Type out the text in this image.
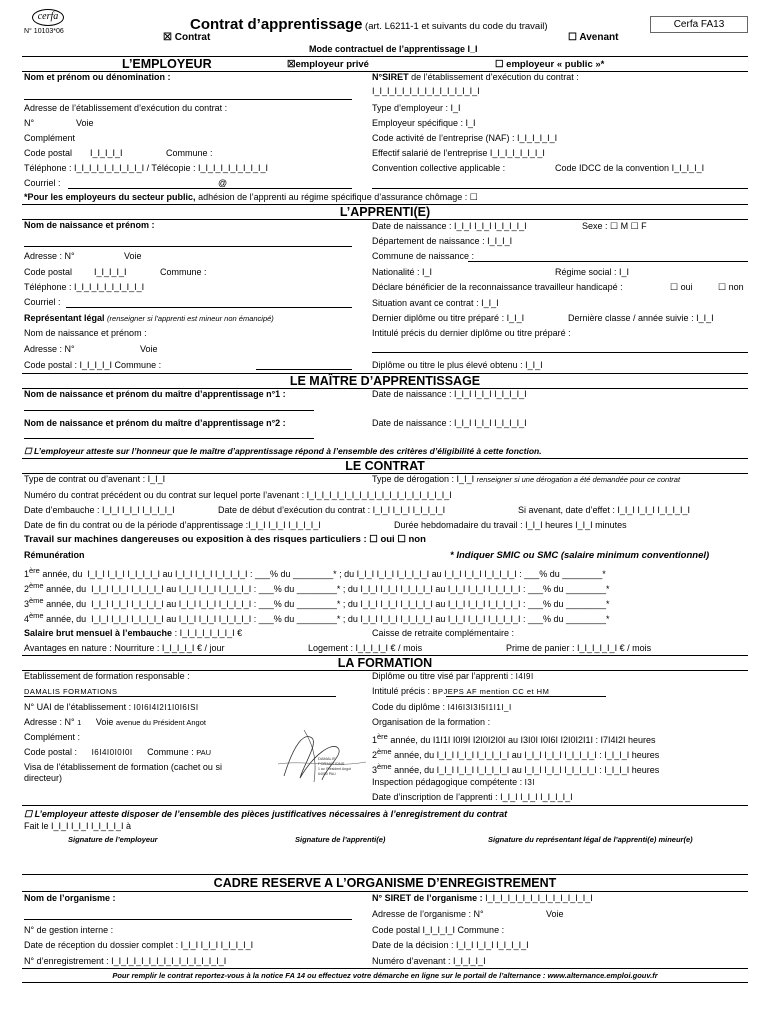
cerfa
N° 10103*06	Contrat d’apprentissage (art. L6211-1 et suivants du code du travail)	Cerfa FA13
☒ Contrat	☐ Avenant
Mode contractuel de l’apprentissage I_I
L’EMPLOYEUR	☒employeur privé	☐ employeur « public »*
Nom et prénom ou dénomination :	N°SIRET de l’établissement d’exécution du contrat :
I_I_I_I_I_I_I_I_I_I_I_I_I_I_I
Adresse de l’établissement d’exécution du contrat :	Type d’employeur : I_I
N°	Voie	Employeur spécifique : I_I
Complément	Code activité de l’entreprise (NAF) : I_I_I_I_I_I
Code postal I_I_I_I_I	Commune :	Effectif salarié de l’entreprise I_I_I_I_I_I_I_I
Téléphone : I_I_I_I_I_I_I_I_I_I / Télécopie : I_I_I_I_I_I_I_I_I_I	Convention collective applicable :	Code IDCC de la convention I_I_I_I_I
Courriel :	@
*Pour les employeurs du secteur public, adhésion de l’apprenti au régime spécifique d’assurance chômage : ☐
L’APPRENTI(E)
Nom de naissance et prénom :	Date de naissance : I_I_I I_I_I I_I_I_I_I	Sexe : ☐ M ☐ F
Département de naissance : I_I_I_I
Adresse : N°	Voie	Commune de naissance :
Code postal I_I_I_I_I	Commune :	Nationalité : I_I	Régime social : I_I
Téléphone : I_I_I_I_I_I_I_I_I_I	Déclare bénéficier de la reconnaissance travailleur handicapé :	☐ oui	☐ non
Courriel :	Situation avant ce contrat : I_I_I
Représentant légal (renseigner si l’apprenti est mineur non émancipé)	Dernier diplôme ou titre préparé : I_I_I	Dernière classe / année suivie : I_I_I
Nom de naissance et prénom :	Intitulé précis du dernier diplôme ou titre préparé :
Adresse : N°	Voie
Code postal : I_I_I_I_I Commune :	Diplôme ou titre le plus élevé obtenu : I_I_I
LE MAÎTRE D’APPRENTISSAGE
Nom de naissance et prénom du maître d’apprentissage n°1 :	Date de naissance : I_I_I I_I_I I_I_I_I_I
Nom de naissance et prénom du maître d’apprentissage n°2 :	Date de naissance : I_I_I I_I_I I_I_I_I_I
☐ L’employeur atteste sur l’honneur que le maître d’apprentissage répond à l’ensemble des critères d’éligibilité à cette fonction.
LE CONTRAT
Type de contrat ou d’avenant : I_I_I	Type de dérogation : I_I_I renseigner si une dérogation a été demandée pour ce contrat
Numéro du contrat précédent ou du contrat sur lequel porte l’avenant : I_I_I_I_I_I_I_I_I_I_I_I_I_I_I_I_I_I_I_I
Date d’embauche : I_I_I I_I_I I_I_I_I_I	Date de début d’exécution du contrat : I_I_I I_I_I I_I_I_I_I	Si avenant, date d’effet : I_I_I I_I_I I_I_I_I_I
Date de fin du contrat ou de la période d’apprentissage :I_I_I I_I_I I_I_I_I_I	Durée hebdomadaire du travail : I_I_I heures I_I_I minutes
Travail sur machines dangereuses ou exposition à des risques particuliers : ☐ oui ☐ non
Rémunération	* Indiquer SMIC ou SMC (salaire minimum conventionnel)
1ère année, du I_I_I I_I_I I_I_I_I_I au I_I_I I_I_I I_I_I_I_I : ___% du ________* ; du I_I_I I_I_I I_I_I_I_I au I_I_I I_I_I I_I_I_I_I : ___% du ________*
2ème année, du I_I_I I_I_I I_I_I_I_I au I_I_I I_I_I I_I_I_I_I : ___% du ________* ; du I_I_I I_I_I I_I_I_I_I au I_I_I I_I_I I_I_I_I_I : ___% du ________*
3ème année, du I_I_I I_I_I I_I_I_I_I au I_I_I I_I_I I_I_I_I_I : ___% du ________* ; du I_I_I I_I_I I_I_I_I_I au I_I_I I_I_I I_I_I_I_I : ___% du ________*
4ème année, du I_I_I I_I_I I_I_I_I_I au I_I_I I_I_I I_I_I_I_I : ___% du ________* ; du I_I_I I_I_I I_I_I_I_I au I_I_I I_I_I I_I_I_I_I : ___% du ________*
Salaire brut mensuel à l’embauche : I_I_I_I_I_I_I_I €	Caisse de retraite complémentaire :
Avantages en nature : Nourriture : I_I_I_I_I € / jour	Logement : I_I_I_I_I € / mois	Prime de panier : I_I_I_I_I_I € / mois
LA FORMATION
Etablissement de formation responsable :
DAMALIS FORMATIONS
Diplôme ou titre visé par l’apprenti : I4I9I
Intitulé précis : BPJEPS AF mention CC et HM
N° UAI de l’établissement : I0I6I4I2I1I0I6ISI	Code du diplôme : I4I6I3I3I5I1I1I_I
Adresse : N° 1 Voie avenue du Président Angot	Organisation de la formation :
Complément :	1ère année, du I1I1I I0I9I I2I0I2I0I au I3I0I I0I6I I2I0I2I1I : I7I4I2I heures
Code postal : I6I4I0I0I0I Commune : PAU	2ème année, du I_I_I I_I_I I_I_I_I_I au I_I_I I_I_I I_I_I_I_I : I_I_I_I heures
Visa de l’établissement de formation (cachet ou si
directeur)
3ème année, du I_I_I I_I_I I_I_I_I_I au I_I_I I_I_I I_I_I_I_I : I_I_I_I heures
Inspection pédagogique compétente : I3I
Date d’inscription de l’apprenti : I_I_I I_I_I I_I_I_I_I
DAMALIS
FORMATIONS
1 av. Président Angot
64000 PAU
☐ L’employeur atteste disposer de l’ensemble des pièces justificatives nécessaires à l’enregistrement du contrat
Fait le I_I_I I_I_I I_I_I_I_I à
Signature de l’employeur	Signature de l’apprenti(e)	Signature du représentant légal de l’apprenti(e) mineur(e)
CADRE RESERVE A L’ORGANISME D’ENREGISTREMENT
Nom de l’organisme :	N° SIRET de l’organisme : I_I_I_I_I_I_I_I_I_I_I_I_I_I_I
Adresse de l’organisme : N°	Voie
N° de gestion interne :	Code postal I_I_I_I_I Commune :
Date de réception du dossier complet : I_I_I I_I_I I_I_I_I_I	Date de la décision : I_I_I I_I_I I_I_I_I_I
N° d’enregistrement : I_I_I_I_I_I_I_I_I_I_I_I_I_I_I_I	Numéro d’avenant : I_I_I_I_I
Pour remplir le contrat reportez-vous à la notice FA 14 ou effectuez votre démarche en ligne sur le portail de l’alternance : www.alternance.emploi.gouv.fr
